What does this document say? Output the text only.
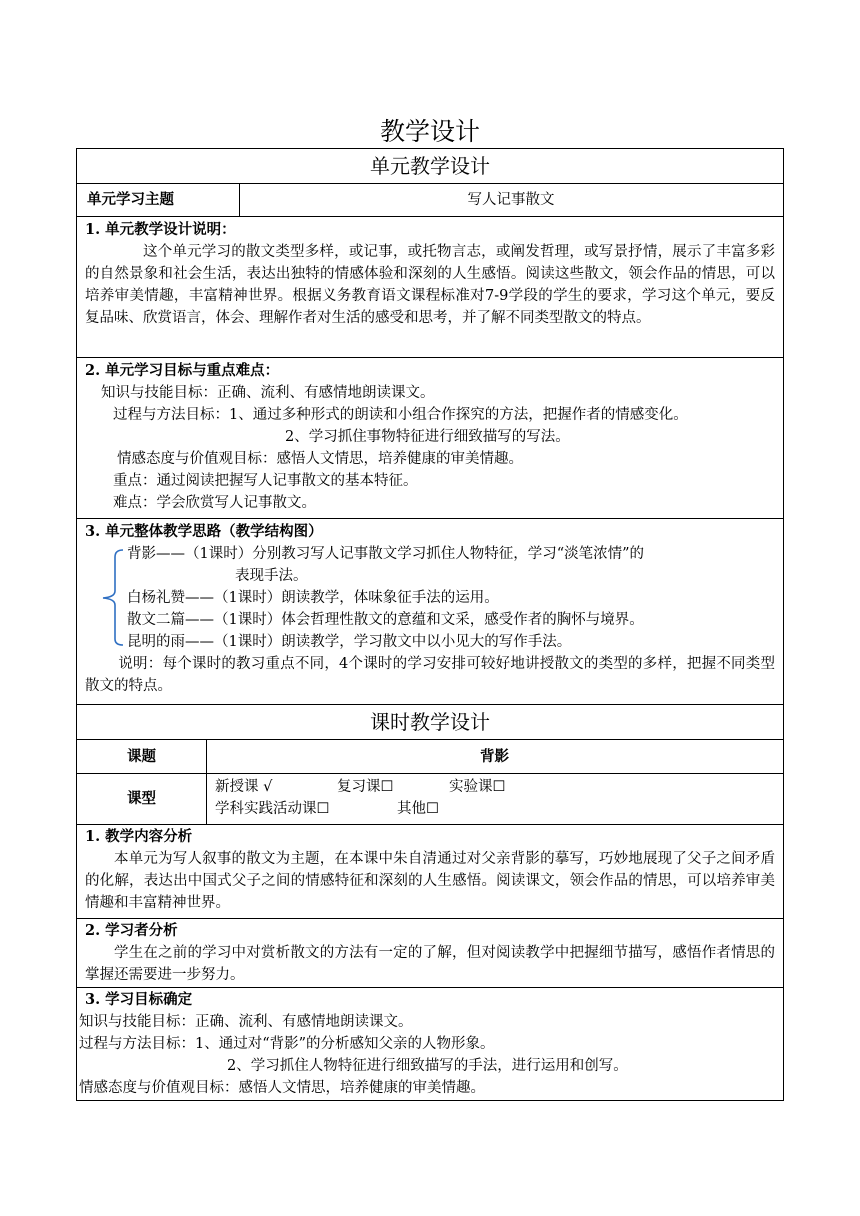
教学设计
单元教学设计
单元学习主题	写人记事散文
1. 单元教学设计说明：
这个单元学习的散文类型多样，或记事，或托物言志，或阐发哲理，或写景抒情，展示了丰富多彩的自然景象和社会生活，表达出独特的情感体验和深刻的人生感悟。阅读这些散文，领会作品的情思，可以培养审美情趣，丰富精神世界。根据义务教育语文课程标准对7-9学段的学生的要求，学习这个单元，要反复品味、欣赏语言，体会、理解作者对生活的感受和思考，并了解不同类型散文的特点。
2. 单元学习目标与重点难点：
知识与技能目标：正确、流利、有感情地朗读课文。
过程与方法目标：1、通过多种形式的朗读和小组合作探究的方法，把握作者的情感变化。
2、学习抓住事物特征进行细致描写的写法。
情感态度与价值观目标：感悟人文情思，培养健康的审美情趣。
重点：通过阅读把握写人记事散文的基本特征。
难点：学会欣赏写人记事散文。
3. 单元整体教学思路（教学结构图）
背影——（1课时）分别教习写人记事散文学习抓住人物特征，学习“淡笔浓情”的
表现手法。
白杨礼赞——（1课时）朗读教学，体味象征手法的运用。
散文二篇——（1课时）体会哲理性散文的意蕴和文采，感受作者的胸怀与境界。
昆明的雨——（1课时）朗读教学，学习散文中以小见大的写作手法。
说明：每个课时的教习重点不同，4个课时的学习安排可较好地讲授散文的类型的多样，把握不同类型散文的特点。
课时教学设计
课题	背影
课型
新授课 √	复习课☐	实验课☐
学科实践活动课☐	其他☐
1. 教学内容分析
本单元为写人叙事的散文为主题，在本课中朱自清通过对父亲背影的摹写，巧妙地展现了父子之间矛盾的化解，表达出中国式父子之间的情感特征和深刻的人生感悟。阅读课文，领会作品的情思，可以培养审美情趣和丰富精神世界。
2. 学习者分析
学生在之前的学习中对赏析散文的方法有一定的了解，但对阅读教学中把握细节描写，感悟作者情思的掌握还需要进一步努力。
3. 学习目标确定
知识与技能目标：正确、流利、有感情地朗读课文。
过程与方法目标：1、通过对“背影”的分析感知父亲的人物形象。
2、学习抓住人物特征进行细致描写的手法，进行运用和创写。
情感态度与价值观目标：感悟人文情思，培养健康的审美情趣。
